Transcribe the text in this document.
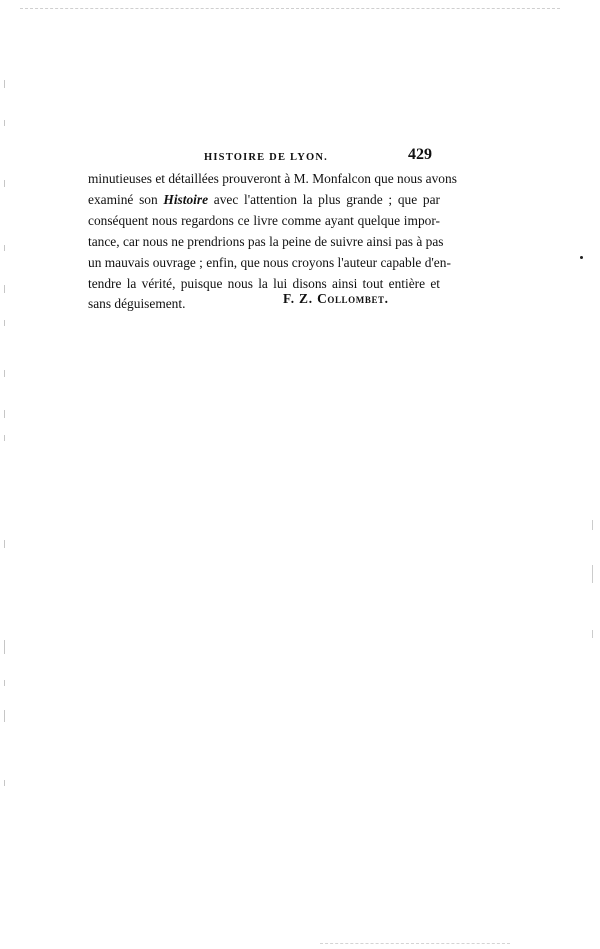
HISTOIRE DE LYON.	429
minutieuses et détaillées prouveront à M. Monfalcon que nous avons
examiné son Histoire avec l'attention la plus grande ; que par
conséquent nous regardons ce livre comme ayant quelque impor-
tance, car nous ne prendrions pas la peine de suivre ainsi pas à pas
un mauvais ouvrage ; enfin, que nous croyons l'auteur capable d'en-
tendre la vérité, puisque nous la lui disons ainsi tout entière et
sans déguisement.	F. Z. Collombet.
